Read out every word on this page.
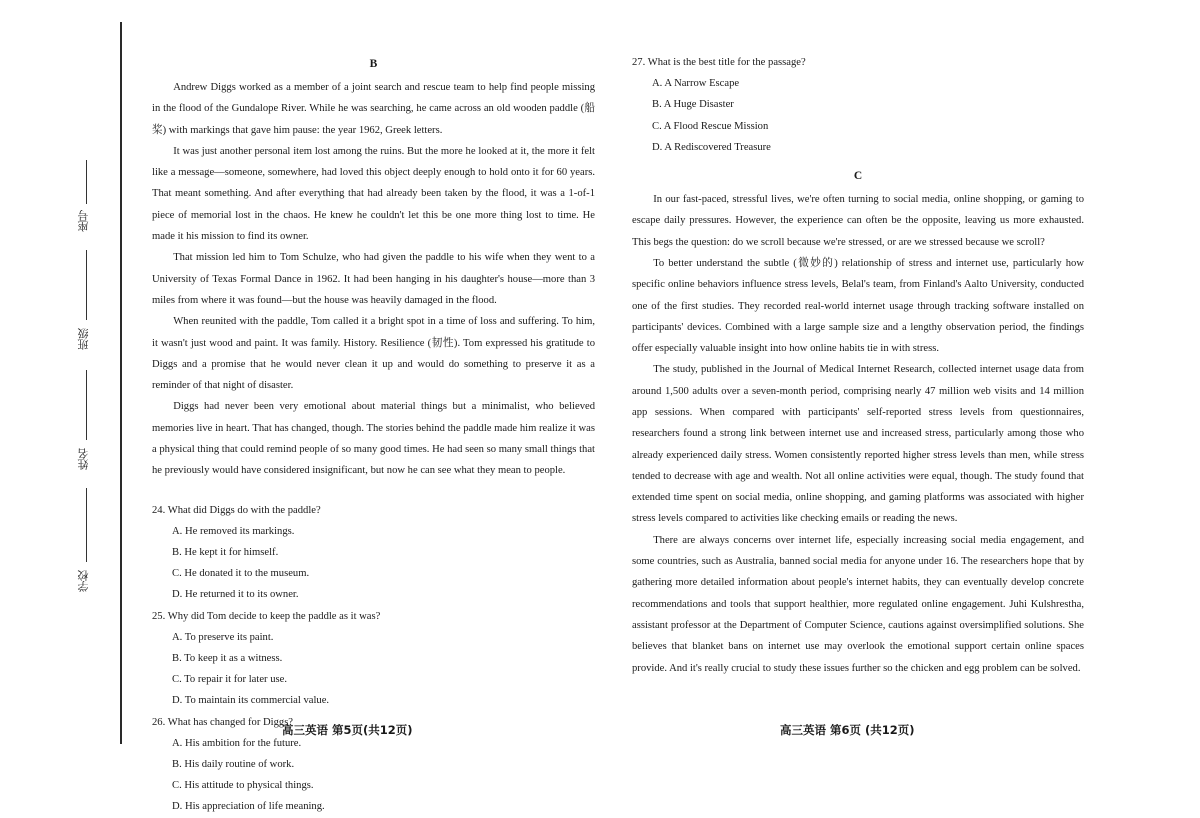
学校
姓名
班级
座号
B

Andrew Diggs worked as a member of a joint search and rescue team to help find people missing in the flood of the Gundalope River. While he was searching, he came across an old wooden paddle (船桨) with markings that gave him pause: the year 1962, Greek letters.

It was just another personal item lost among the ruins. But the more he looked at it, the more it felt like a message—someone, somewhere, had loved this object deeply enough to hold onto it for 60 years. That meant something. And after everything that had already been taken by the flood, it was a 1-of-1 piece of memorial lost in the chaos. He knew he couldn't let this be one more thing lost to time. He made it his mission to find its owner.

That mission led him to Tom Schulze, who had given the paddle to his wife when they went to a University of Texas Formal Dance in 1962. It had been hanging in his daughter's house—more than 3 miles from where it was found—but the house was heavily damaged in the flood.

When reunited with the paddle, Tom called it a bright spot in a time of loss and suffering. To him, it wasn't just wood and paint. It was family. History. Resilience (韧性). Tom expressed his gratitude to Diggs and a promise that he would never clean it up and would do something to preserve it as a reminder of that night of disaster.

Diggs had never been very emotional about material things but a minimalist, who believed memories live in heart. That has changed, though. The stories behind the paddle made him realize it was a physical thing that could remind people of so many good times. He had seen so many small things that he previously would have considered insignificant, but now he can see what they mean to people.

24. What did Diggs do with the paddle?
A. He removed its markings.
B. He kept it for himself.
C. He donated it to the museum.
D. He returned it to its owner.
25. Why did Tom decide to keep the paddle as it was?
A. To preserve its paint.
B. To keep it as a witness.
C. To repair it for later use.
D. To maintain its commercial value.
26. What has changed for Diggs?
A. His ambition for the future.
B. His daily routine of work.
C. His attitude to physical things.
D. His appreciation of life meaning.
高三英语 第5页(共12页)
27. What is the best title for the passage?
A. A Narrow Escape
B. A Huge Disaster
C. A Flood Rescue Mission
D. A Rediscovered Treasure
C

In our fast-paced, stressful lives, we're often turning to social media, online shopping, or gaming to escape daily pressures. However, the experience can often be the opposite, leaving us more exhausted. This begs the question: do we scroll because we're stressed, or are we stressed because we scroll?

To better understand the subtle (微妙的) relationship of stress and internet use, particularly how specific online behaviors influence stress levels, Belal's team, from Finland's Aalto University, conducted one of the first studies. They recorded real-world internet usage through tracking software installed on participants' devices. Combined with a large sample size and a lengthy observation period, the findings offer especially valuable insight into how online habits tie in with stress.

The study, published in the Journal of Medical Internet Research, collected internet usage data from around 1,500 adults over a seven-month period, comprising nearly 47 million web visits and 14 million app sessions. When compared with participants' self-reported stress levels from questionnaires, researchers found a strong link between internet use and increased stress, particularly among those who already experienced daily stress. Women consistently reported higher stress levels than men, while stress tended to decrease with age and wealth. Not all online activities were equal, though. The study found that extended time spent on social media, online shopping, and gaming platforms was associated with higher stress levels compared to activities like checking emails or reading the news.

There are always concerns over internet life, especially increasing social media engagement, and some countries, such as Australia, banned social media for anyone under 16. The researchers hope that by gathering more detailed information about people's internet habits, they can eventually develop concrete recommendations and tools that support healthier, more regulated online engagement. Juhi Kulshrestha, assistant professor at the Department of Computer Science, cautions against oversimplified solutions. She believes that blanket bans on internet use may overlook the emotional support certain online spaces provide. And it's really crucial to study these issues further so the chicken and egg problem can be solved.

高三英语 第6页 (共12页)
